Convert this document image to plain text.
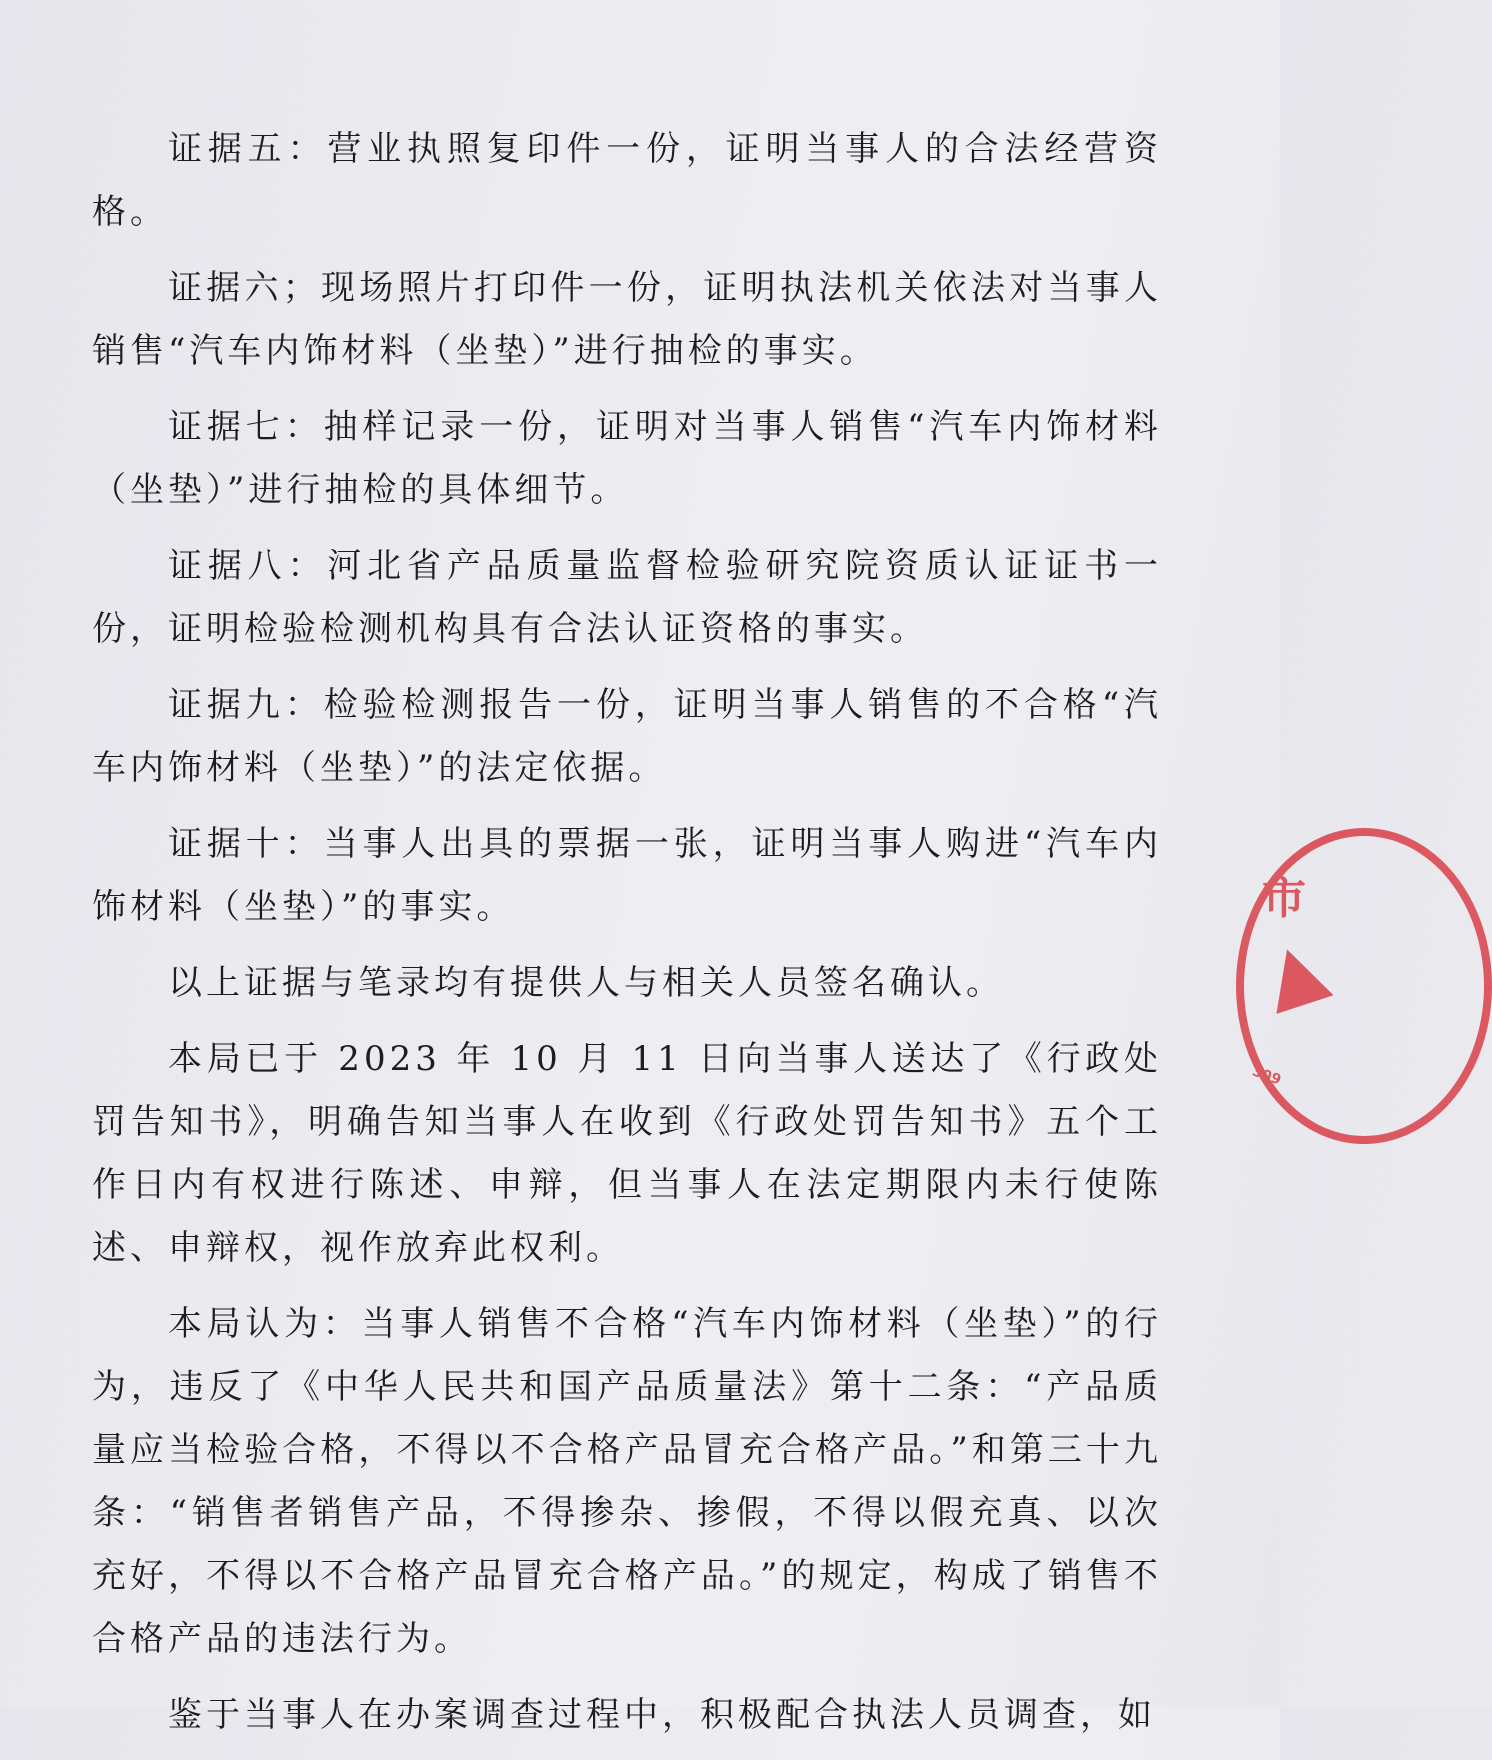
证据五：营业执照复印件一份，证明当事人的合法经营资格。

证据六；现场照片打印件一份，证明执法机关依法对当事人销售“汽车内饰材料（坐垫）”进行抽检的事实。

证据七：抽样记录一份，证明对当事人销售“汽车内饰材料（坐垫）”进行抽检的具体细节。

证据八：河北省产品质量监督检验研究院资质认证证书一份，证明检验检测机构具有合法认证资格的事实。

证据九：检验检测报告一份，证明当事人销售的不合格“汽车内饰材料（坐垫）”的法定依据。

证据十：当事人出具的票据一张，证明当事人购进“汽车内饰材料（坐垫）”的事实。

以上证据与笔录均有提供人与相关人员签名确认。

本局已于 2023 年 10 月 11 日向当事人送达了《行政处罚告知书》，明确告知当事人在收到《行政处罚告知书》五个工作日内有权进行陈述、申辩，但当事人在法定期限内未行使陈述、申辩权，视作放弃此权利。

本局认为：当事人销售不合格“汽车内饰材料（坐垫）”的行为，违反了《中华人民共和国产品质量法》第十二条：“产品质量应当检验合格，不得以不合格产品冒充合格产品。”和第三十九条：“销售者销售产品，不得掺杂、掺假，不得以假充真、以次充好，不得以不合格产品冒充合格产品。”的规定，构成了销售不合格产品的违法行为。

鉴于当事人在办案调查过程中，积极配合执法人员调查，如

市
309
